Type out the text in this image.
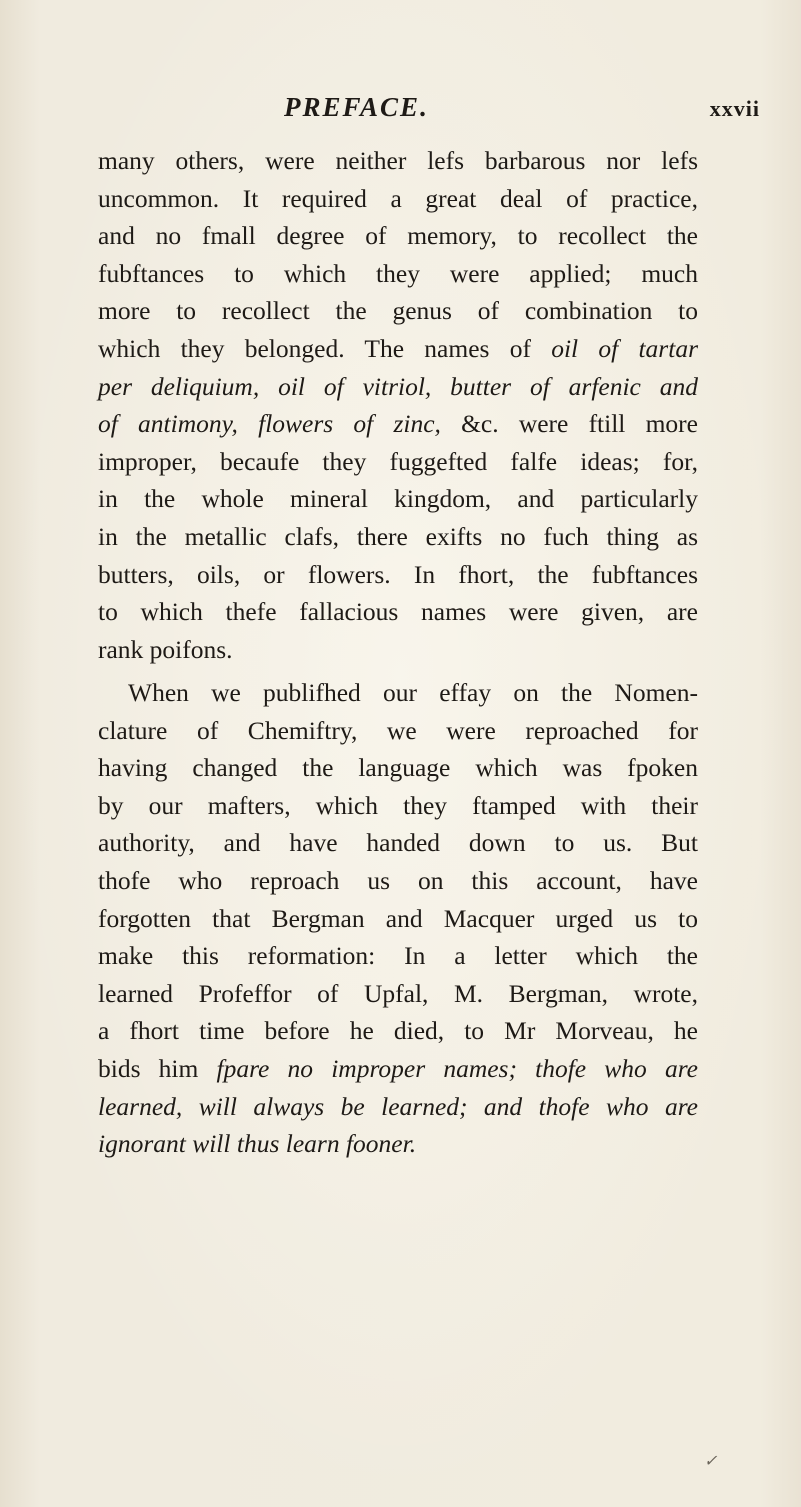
PREFACE.	xxvii
many others, were neither lefs barbarous nor lefs
uncommon. It required a great deal of practice,
and no fmall degree of memory, to recollect the
fubftances to which they were applied; much
more to recollect the genus of combination to
which they belonged. The names of oil of tartar
per deliquium, oil of vitriol, butter of arfenic and
of antimony, flowers of zinc, &c. were ftill more
improper, becaufe they fuggefted falfe ideas; for,
in the whole mineral kingdom, and particularly
in the metallic clafs, there exifts no fuch thing as
butters, oils, or flowers. In fhort, the fubftances
to which thefe fallacious names were given, are
rank poifons.
When we publifhed our effay on the Nomen-
clature of Chemiftry, we were reproached for
having changed the language which was fpoken
by our mafters, which they ftamped with their
authority, and have handed down to us. But
thofe who reproach us on this account, have
forgotten that Bergman and Macquer urged us to
make this reformation: In a letter which the
learned Profeffor of Upfal, M. Bergman, wrote,
a fhort time before he died, to Mr Morveau, he
bids him fpare no improper names; thofe who are
learned, will always be learned; and thofe who are
ignorant will thus learn fooner.
✓
